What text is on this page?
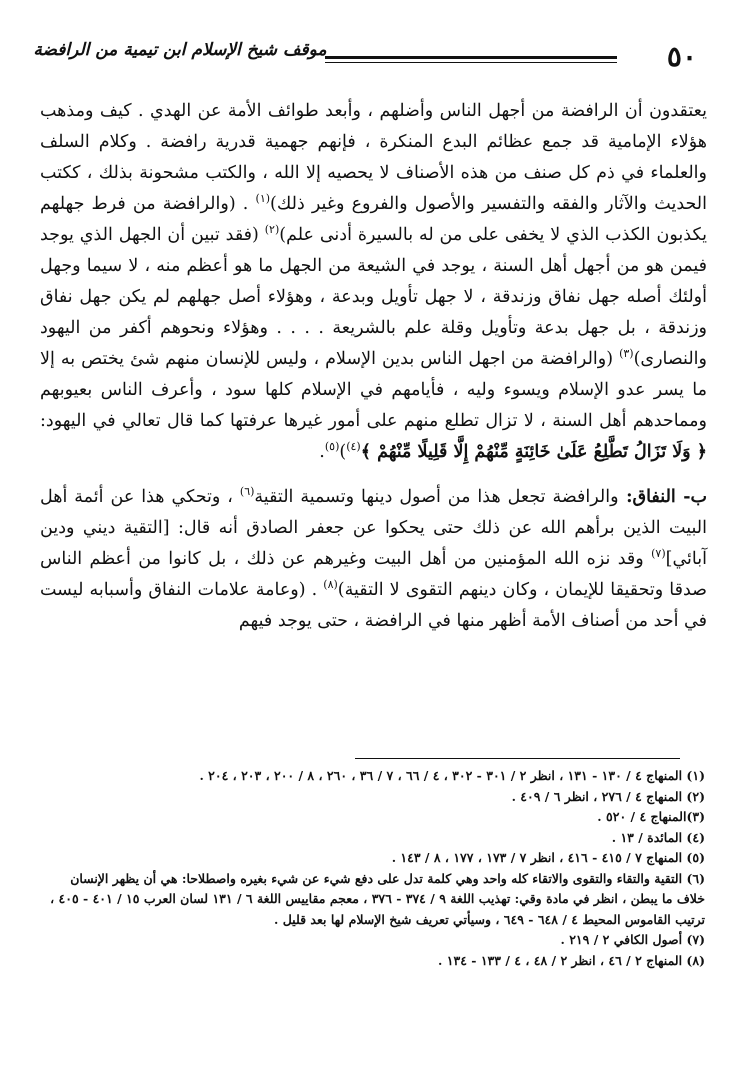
٥٠
موقف شيخ الإسلام ابن تيمية من الرافضة

يعتقدون أن الرافضة من أجهل الناس وأضلهم ، وأبعد طوائف الأمة عن الهدي . كيف ومذهب هؤلاء الإمامية قد جمع عظائم البدع المنكرة ، فإنهم جهمية قدرية رافضة . وكلام السلف والعلماء في ذم كل صنف من هذه الأصناف لا يحصيه إلا الله ، والكتب مشحونة بذلك ، ككتب الحديث والآثار والفقه والتفسير والأصول والفروع وغير ذلك)$^{(١)}$ . (والرافضة من فرط جهلهم يكذبون الكذب الذي لا يخفى على من له بالسيرة أدنى علم)$^{(٢)}$ (فقد تبين أن الجهل الذي يوجد فيمن هو من أجهل أهل السنة ، يوجد في الشيعة من الجهل ما هو أعظم منه ، لا سيما وجهل أولئك أصله جهل نفاق وزندقة ، لا جهل تأويل وبدعة ، وهؤلاء أصل جهلهم لم يكن جهل نفاق وزندقة ، بل جهل بدعة وتأويل وقلة علم بالشريعة . . . . وهؤلاء ونحوهم أكفر من اليهود والنصارى)$^{(٣)}$ (والرافضة من اجهل الناس بدين الإسلام ، وليس للإنسان منهم شئ يختص به إلا ما يسر عدو الإسلام ويسوء وليه ، فأيامهم في الإسلام كلها سود ، وأعرف الناس بعيوبهم ومماحدهم أهل السنة ، لا تزال تطلع منهم على أمور غيرها عرفتها كما قال تعالي في اليهود: ﴿ وَلَا تَزَالُ تَطَّلِعُ عَلَىٰ خَائِنَةٍ مِّنْهُمْ إِلَّا قَلِيلًا مِّنْهُمْ ﴾$^{(٤)}$)$^{(٥)}$.

ب- النفاق: والرافضة تجعل هذا من أصول دينها وتسمية التقية$^{(٦)}$ ، وتحكي هذا عن أئمة أهل البيت الذين برأهم الله عن ذلك حتى يحكوا عن جعفر الصادق أنه قال: [التقية ديني ودين آبائي]$^{(٧)}$ وقد نزه الله المؤمنين من أهل البيت وغيرهم عن ذلك ، بل كانوا من أعظم الناس صدقا وتحقيقا للإيمان ، وكان دينهم التقوى لا التقية)$^{(٨)}$ . (وعامة علامات النفاق وأسبابه ليست في أحد من أصناف الأمة أظهر منها في الرافضة ، حتى يوجد فيهم

(١) المنهاج ٤ / ١٣٠ - ١٣١ ، انظر ٢ / ٣٠١ - ٣٠٢ ، ٤ / ٦٦ ، ٧ / ٣٦ ، ٢٦٠ ، ٨ / ٢٠٠ ، ٢٠٣ ، ٢٠٤ .
(٢) المنهاج ٤ / ٢٧٦ ، انظر ٦ / ٤٠٩ .
(٣)المنهاج ٤ / ٥٢٠ .
(٤) المائدة / ١٣ .
(٥) المنهاج ٧ / ٤١٥ - ٤١٦ ، انظر ٧ / ١٧٣ ، ١٧٧ ، ٨ / ١٤٣ .
(٦) التقية والتقاء والتقوى والاتقاء كله واحد وهي كلمة تدل على دفع شيء عن شيء بغيره واصطلاحا: هي أن يظهر الإنسان خلاف ما يبطن ، انظر في مادة وقي: تهذيب اللغة ٩ / ٣٧٤ - ٣٧٦ ، معجم مقاييس اللغة ٦ / ١٣١ لسان العرب ١٥ / ٤٠١ - ٤٠٥ ، ترتيب القاموس المحيط ٤ / ٦٤٨ - ٦٤٩ ، وسيأتي تعريف شيخ الإسلام لها بعد قليل .
(٧) أصول الكافي ٢ / ٢١٩ .
(٨) المنهاج ٢ / ٤٦ ، انظر ٢ / ٤٨ ، ٤ / ١٣٣ - ١٣٤ .
